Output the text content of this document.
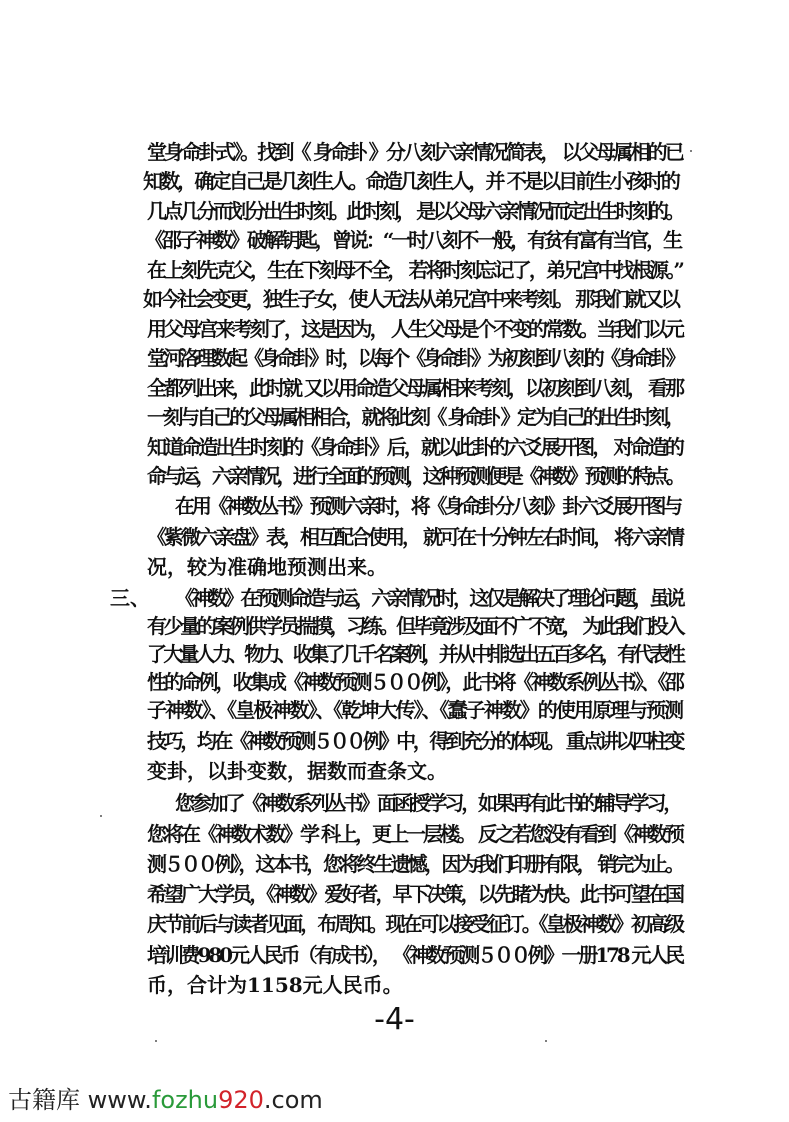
堂身命卦式》。找到《 身命卦 》分八刻六亲情况简表， 以父母属相的已
知数，确定自己是几刻生人。命造几刻生人，并 不是以目前生小孩时的
几点几分而划分出生时刻。此时刻， 是以父母六亲情况而定出生时刻的。
《邵子神数》破解钥匙，曾说：“一时八刻不一般，有贫有富有当官，生
在上刻先克父，生在下刻母不全， 若将时刻忘记了，弟兄宫中找根源。”
如今社会变更，独生子女，使人无法从弟兄宫中来考刻。 那我们就又以
用父母宫来考刻了，这是因为， 人生父母是个不变的常数。当我们以元
堂河洛理数起《身命卦》时，以每个《身命卦》为初刻到八刻的《身命卦》
全都列出来，此时就 又以用命造父母属相来考刻，以初刻到八刻， 看那
一刻与自己的父母属相相合，就将此刻《 身命卦 》定为自己的出生时刻，
知道命造出生时刻的《身命卦》后，就以此卦的六爻展开图， 对命造的
命与运，六亲情况，进行全面的预测，这种预测便是《神数》预测的特点。
在用《神数丛书》预测六亲时，将《身命卦分八刻》卦六爻展开图与
《紫微六亲盘》表，相互配合使用， 就可在十分钟左右时间， 将六亲情
况，较为准确地预测出来。
三、 《神数》在预测命造与运，六亲情况时，这仅是解决了理论问题，虽说
有少量的案例供学员揣摸，习练。但毕竟涉及面不广不宽， 为此我们投入
了大量人力、物力、收集了几千名案例，并从中排选出五百多名，有代表性
性的命例，收集成《神数预测５００例》，此书将《神数系例丛书》、《邵
子神数》、《皇极神数》、《乾坤大传》、《蠢子神数》的使用原理与预测
技巧，均在《神数预测５００例》中，得到充分的体现。 重点讲以四柱变
变卦，以卦变数，据数而查条文。
您参加了《神数系列丛书》面函授学习，如果再有此书的辅导学习，
您将在《神数术数》学 科上，更上一层楼。 反之若您没有看到《神数预
测５００例》，这本书，您将终生遗憾，因为我们印册有限， 销完为止。
希望广大学员，《神数》爱好者，早下决策，以先睹为快。此书可望在国
庆节前后与读者见面，布周知。现在可以接受征订。《皇极神数》初高级
培训费980元人民币（有成书）， 《神数预测５００例》一册178 元人民
币，合计为1158元人民币。
-4-
古籍库 www.fozhu920.com
